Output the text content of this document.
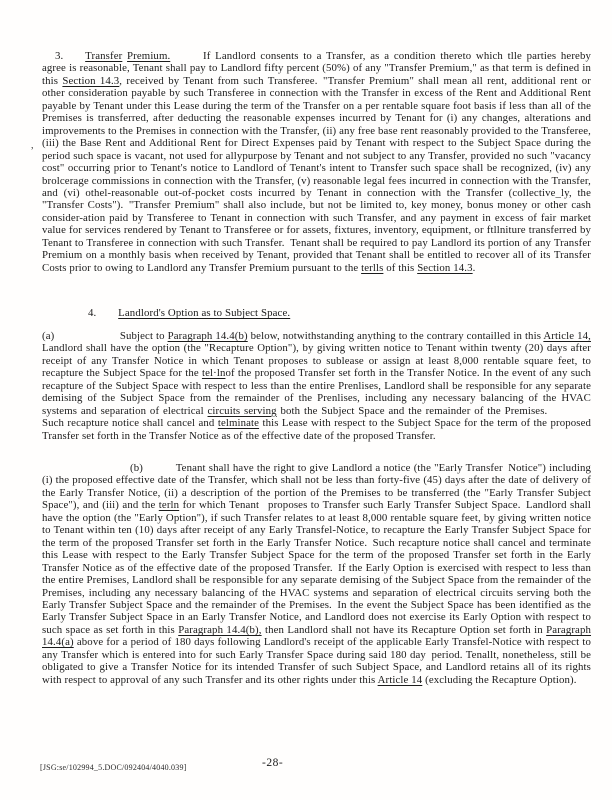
,

3.  Transfer Premium.   If Landlord consents to a Transfer, as a condition thereto which tlle parties hereby agree is reasonable, Tenant shall pay to Landlord fifty percent (50%) of any "Transfer Premium," as that term is defined in this Section 14.3, received by Tenant from such Transferee. "Transfer Premium" shall mean all rent, additional rent or other consideration payable by such Transferee in connection with the Transfer in excess of the Rent and Additional Rent payable by Tenant under this Lease during the term of the Transfer on a per rentable square foot basis if less than all of the Premises is transferred, after deducting the reasonable expenses incurred by Tenant for (i) any changes, alterations and improvements to the Premises in connection with the Transfer, (ii) any free base rent reasonably provided to the Transferee, (iii) the Base Rent and Additional Rent for Direct Expenses paid by Tenant with respect to the Subject Space during the period such space is vacant, not used for allypurpose by Tenant and not subject to any Transfer, provided no such "vacancy cost" occurring prior to Tenant's notice to Landlord of Tenant's intent to Transfer such space shall be recognized, (iv) any brolcerage commissions in connection with the Transfer, (v) reasonable legal fees incurred in connection with the Transfer, and (vi) othel-reasonable out-of-pocket costs incurred by Tenant in connection with the Transfer (collective_ly, the "Transfer Costs"). "Transfer Premium" shall also include, but not be limited to, key money, bonus money or other cash consider-ation paid by Transferee to Tenant in connection with such Transfer, and any payment in excess of fair market value for services rendered by Tenant to Transferee or for assets, fixtures, inventory, equipment, or ftllniture transferred by Tenant to Transferee in connection with such Transfer. Tenant shall be required to pay Landlord its portion of any Transfer Premium on a monthly basis when received by Tenant, provided that Tenant shall be entitled to recover all of its Transfer Costs prior to owing to Landlord any Transfer Premium pursuant to the terlls of this Section 14.3.

4.  Landlord's Option as to Subject Space.

(a)      Subject to Paragraph 14.4(b) below, notwithstanding anything to the contrary contailled in this Article 14, Landlord shall have the option (the "Recapture Option"), by giving written notice to Tenant within twenty (20) days after receipt of any Transfer Notice in which Tenant proposes to sublease or assign at least 8,000 rentable square feet, to recapture the Subject Space for the tel·lnof the proposed Transfer set forth in the Transfer Notice. In the event of any such recapture of the Subject Space with respect to less than the entire Prenlises, Landlord shall be responsible for any separate demising of the Subject Space from the remainder of the Prenlises, including any necessary balancing of the HVAC systems and separation of electrical circuits serving both the Subject Space and the remainder of the Premises.    Such recapture notice shall cancel and telminate this Lease with respect to the Subject Space for the term of the proposed Transfer set forth in the Transfer Notice as of the effective date of the proposed Transfer.

(b)   Tenant shall have the right to give Landlord a notice (the "Early Transfer Notice") including (i) the proposed effective date of the Transfer, which shall not be less than forty-five (45) days after the date of delivery of the Early Transfer Notice, (ii) a description of the portion of the Premises to be transferred (the "Early Transfer Subject Space"), and (iii) and the terln for which Tenant  proposes to Transfer such Early Transfer Subject Space. Landlord shall have the option (the "Early Option"), if such Transfer relates to at least 8,000 rentable square feet, by giving written notice to Tenant within ten (10) days after receipt of any Early Transfel-Notice, to recapture the Early Transfer Subject Space for the term of the proposed Transfer set forth in the Early Transfer Notice. Such recapture notice shall cancel and terminate this Lease with respect to the Early Transfer Subject Space for the term of the proposed Transfer set forth in the Early Transfer Notice as of the effective date of the proposed Transfer. If the Early Option is exercised with respect to less than the entire Premises, Landlord shall be responsible for any separate demising of the Subject Space from the remainder of the Premises, including any necessary balancing of the HVAC systems and separation of electrical circuits serving both the Early Transfer Subject Space and the remainder of the Premises. In the event the Subject Space has been identified as the Early Transfer Subject Space in an Early Transfer Notice, and Landlord does not exercise its Early Option with respect to such space as set forth in this Paragraph 14.4(b), then Landlord shall not have its Recapture Option set forth in Paragraph 14.4(a) above for a period of 180 days following Landlord's receipt of the applicable Early Transfel-Notice with respect to any Transfer which is entered into for such Early Transfer Space during said 180 day period. Tenallt, nonetheless, still be obligated to give a Transfer Notice for its intended Transfer of such Subject Space, and Landlord retains all of its rights with respect to approval of any such Transfer and its other rights under this Article 14 (excluding the Recapture Option).

[JSG:se/102994_5.DOC/092404/4040.039]	-28-
